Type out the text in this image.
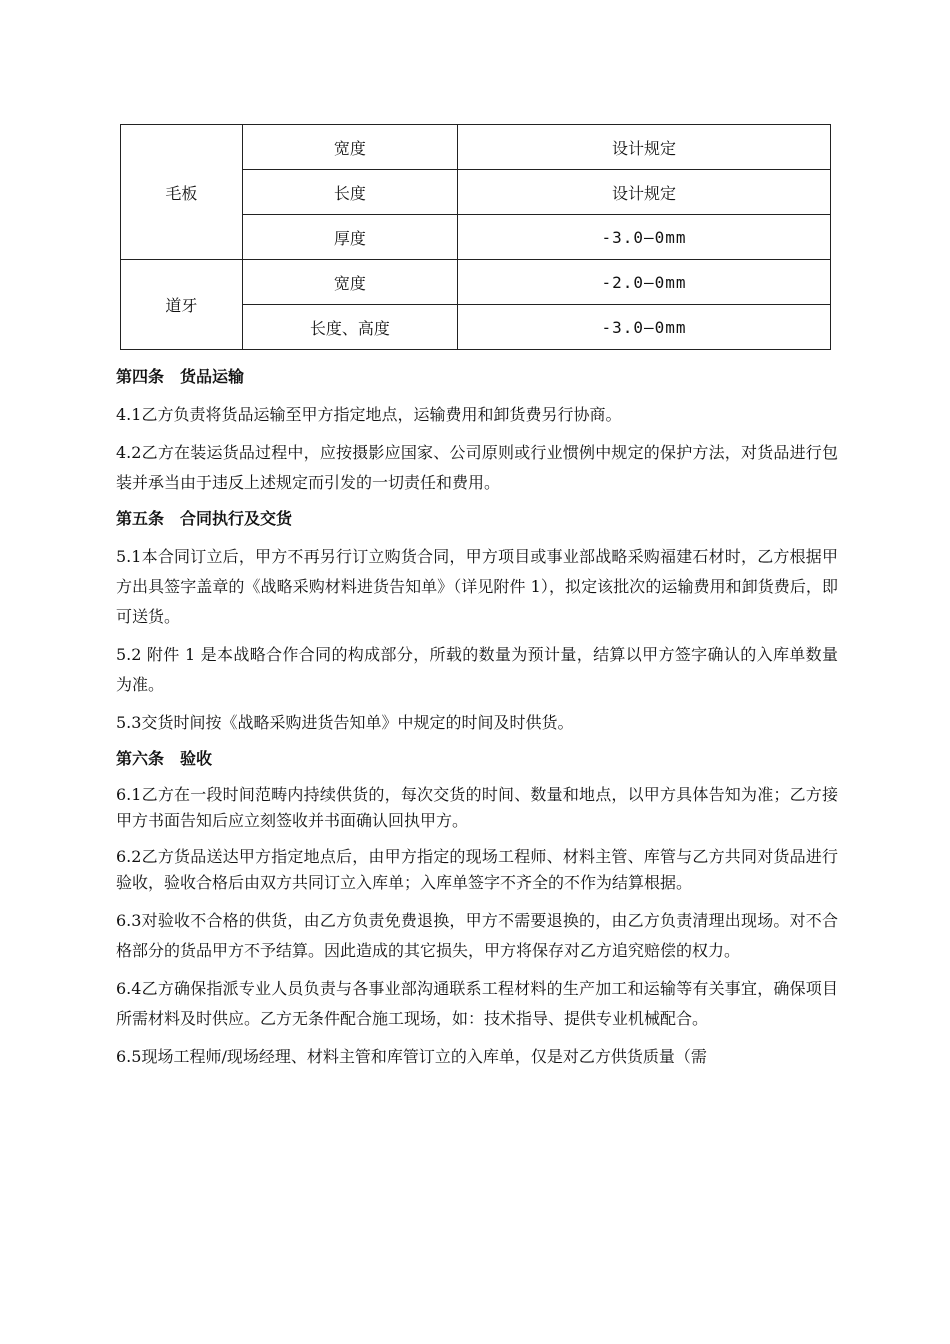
毛板	宽度	设计规定
	长度	设计规定
	厚度	-3.0—0mm
道牙	宽度	-2.0—0mm
	长度、高度	-3.0—0mm
第四条　货品运输

4.1乙方负责将货品运输至甲方指定地点，运输费用和卸货费另行协商。

4.2乙方在装运货品过程中，应按摄影应国家、公司原则或行业惯例中规定的保护方法，对货品进行包装并承当由于违反上述规定而引发的一切责任和费用。

第五条　合同执行及交货

5.1本合同订立后，甲方不再另行订立购货合同，甲方项目或事业部战略采购福建石材时，乙方根据甲方出具签字盖章的《战略采购材料进货告知单》（详见附件 1），拟定该批次的运输费用和卸货费后，即可送货。

5.2 附件 1 是本战略合作合同的构成部分，所载的数量为预计量，结算以甲方签字确认的入库单数量为准。

5.3交货时间按《战略采购进货告知单》中规定的时间及时供货。

第六条　验收

6.1乙方在一段时间范畴内持续供货的，每次交货的时间、数量和地点，以甲方具体告知为准；乙方接甲方书面告知后应立刻签收并书面确认回执甲方。

6.2乙方货品送达甲方指定地点后，由甲方指定的现场工程师、材料主管、库管与乙方共同对货品进行验收，验收合格后由双方共同订立入库单；入库单签字不齐全的不作为结算根据。

6.3对验收不合格的供货，由乙方负责免费退换，甲方不需要退换的，由乙方负责清理出现场。对不合格部分的货品甲方不予结算。因此造成的其它损失，甲方将保存对乙方追究赔偿的权力。

6.4乙方确保指派专业人员负责与各事业部沟通联系工程材料的生产加工和运输等有关事宜，确保项目所需材料及时供应。乙方无条件配合施工现场，如：技术指导、提供专业机械配合。

6.5现场工程师/现场经理、材料主管和库管订立的入库单，仅是对乙方供货质量（需
